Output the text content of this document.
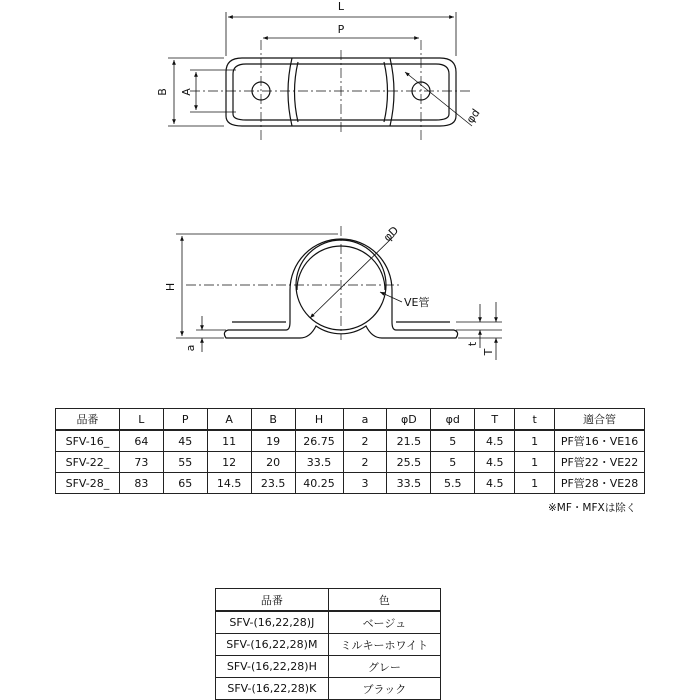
L
P
B A
φd
H
a
φD
VE管
t
T
品番	L	P	A	B	H	a	φD	φd	T	t	適合管
SFV-16_	64	45	11	19	26.75	2	21.5	5	4.5	1	PF管16・VE16
SFV-22_	73	55	12	20	33.5	2	25.5	5	4.5	1	PF管22・VE22
SFV-28_	83	65	14.5	23.5	40.25	3	33.5	5.5	4.5	1	PF管28・VE28
※MF・MFXは除く
品番	色
SFV-(16,22,28)J	ベージュ
SFV-(16,22,28)M	ミルキーホワイト
SFV-(16,22,28)H	グレー
SFV-(16,22,28)K	ブラック
